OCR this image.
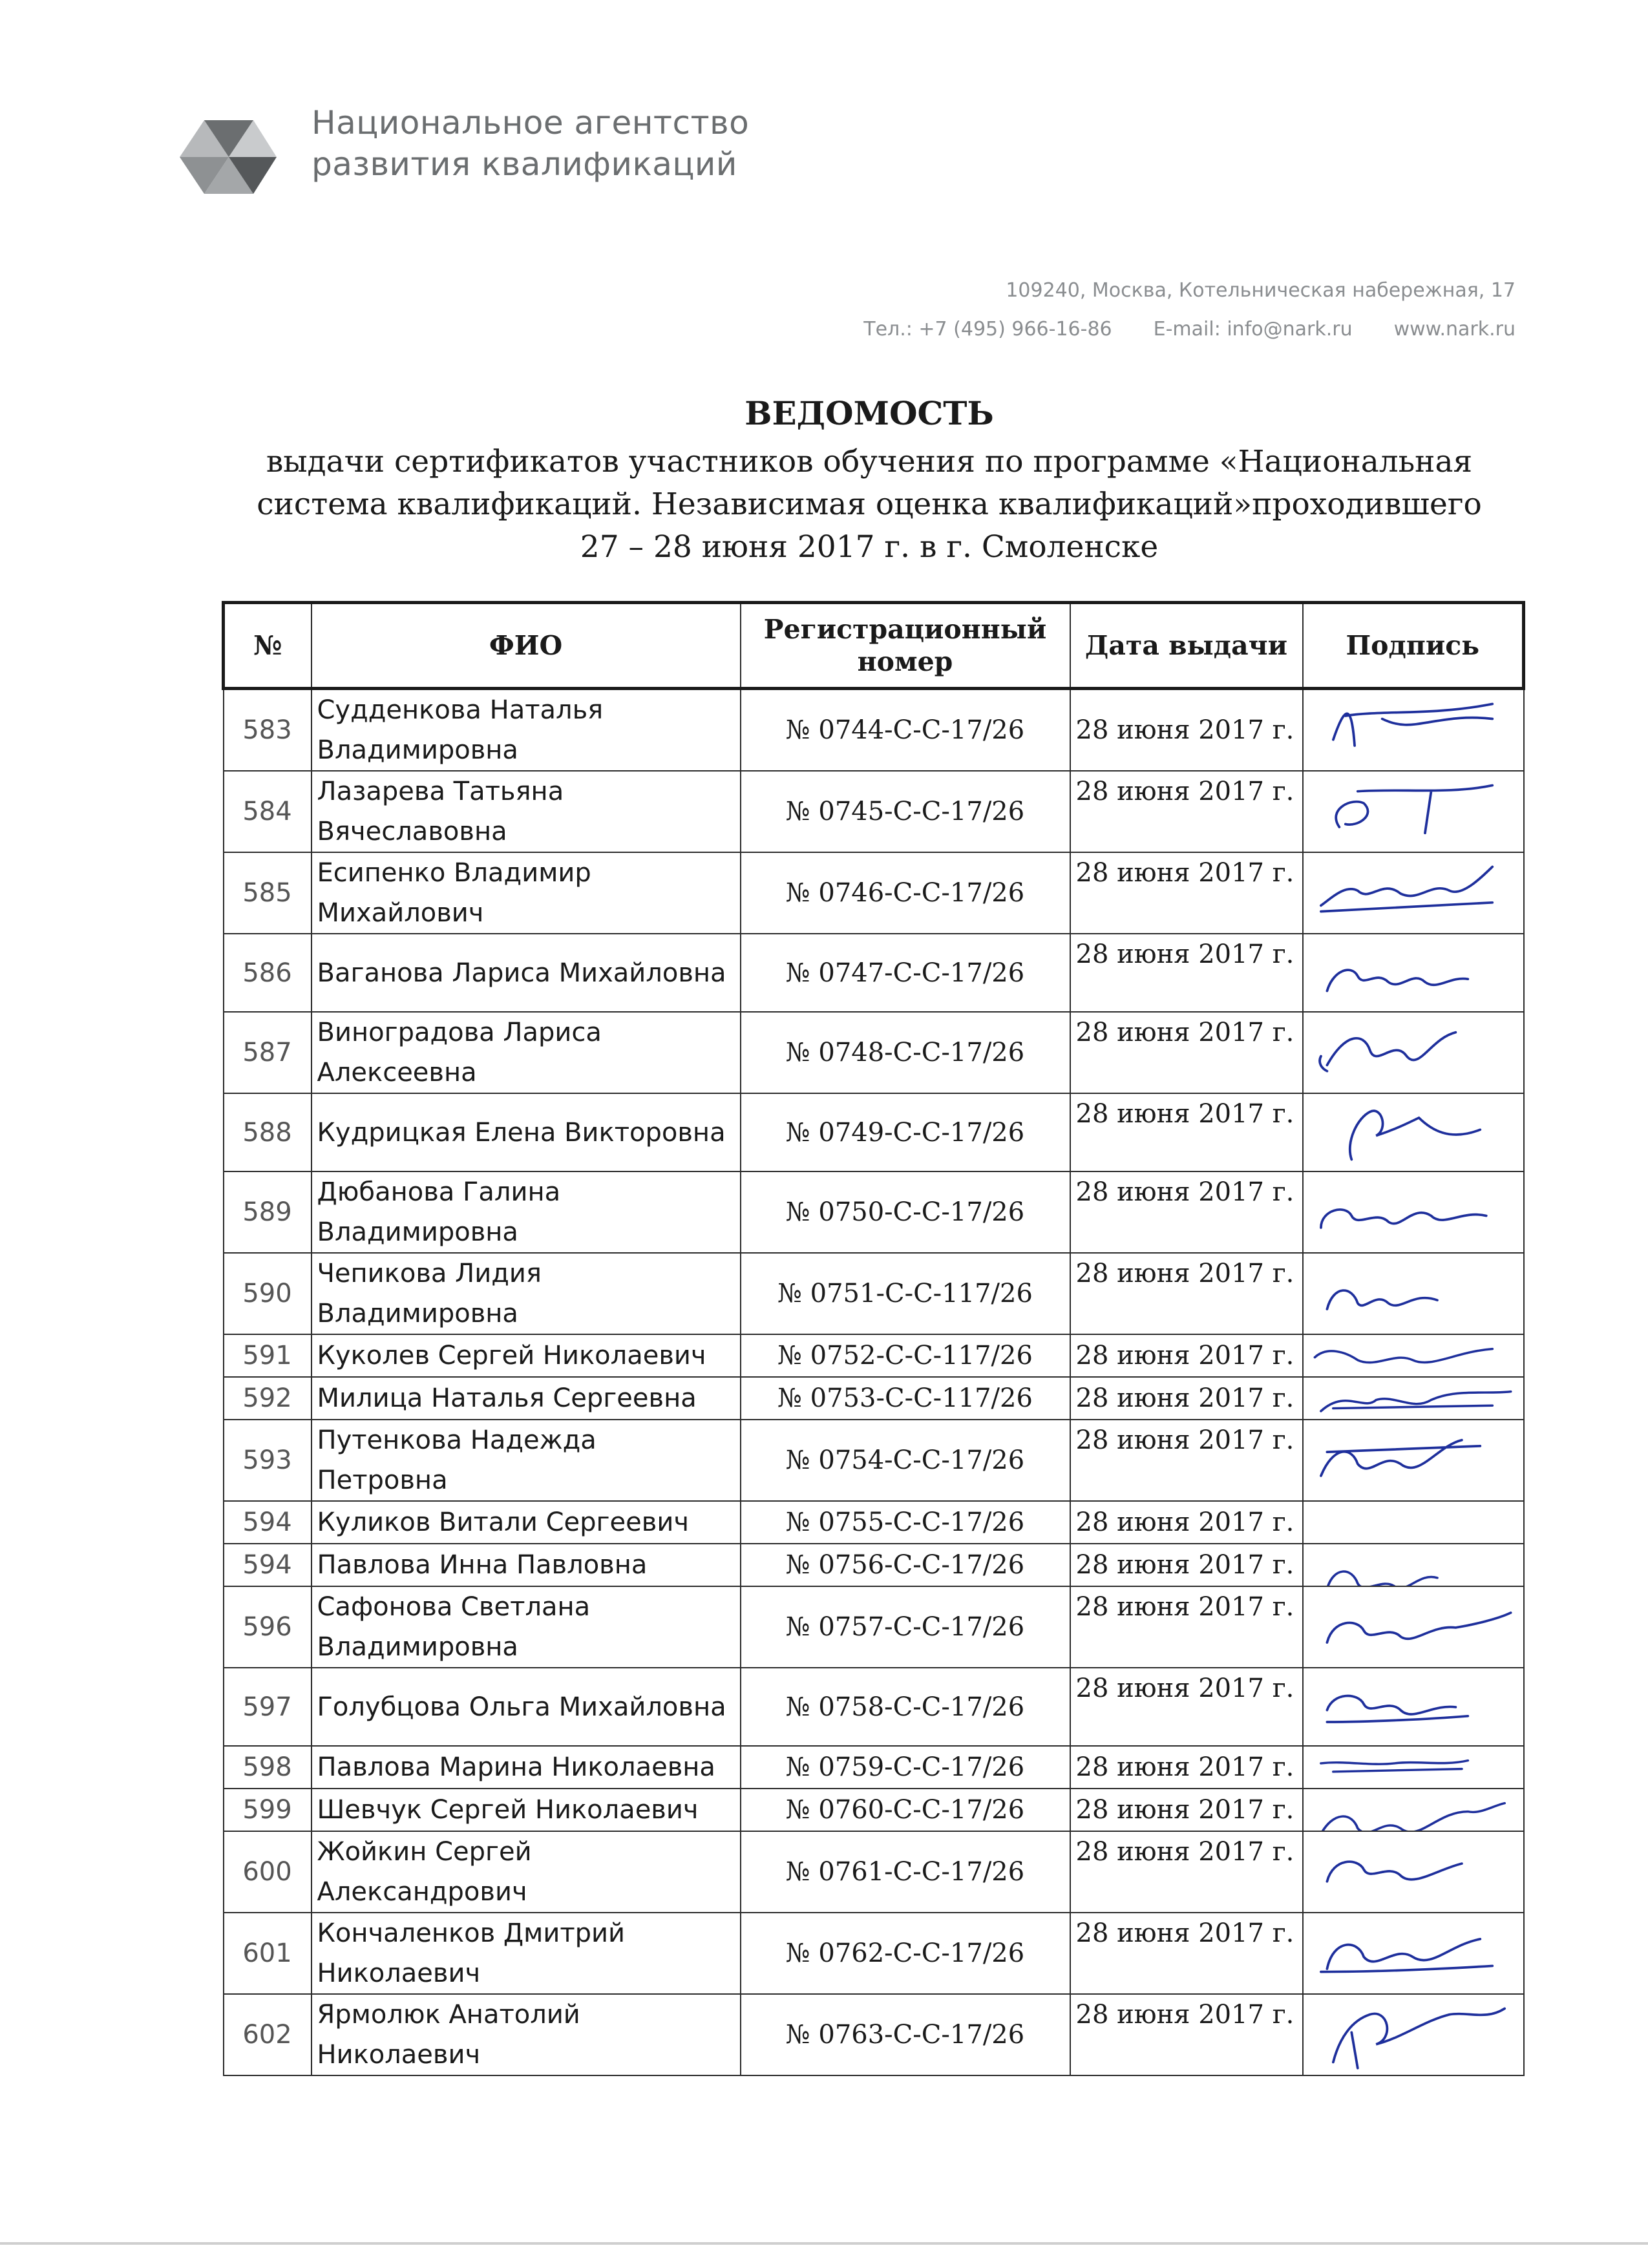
Национальное агентство
развития квалификаций
109240, Москва, Котельническая набережная, 17
Тел.: +7 (495) 966-16-86 E-mail: info@nark.ru www.nark.ru
ВЕДОМОСТЬ
выдачи сертификатов участников обучения по программе «Национальная
система квалификаций. Независимая оценка квалификаций»проходившего
27 – 28 июня 2017 г. в г. Смоленске
№	ФИО	Регистрационный номер	Дата выдачи	Подпись
583	Судденкова Наталья Владимировна	№ 0744-С-С-17/26	28 июня 2017 г.	

584	Лазарева Татьяна Вячеславовна	№ 0745-С-С-17/26	28 июня 2017 г.	

585	Есипенко Владимир Михайлович	№ 0746-С-С-17/26	28 июня 2017 г.	

586	Ваганова Лариса Михайловна	№ 0747-С-С-17/26	28 июня 2017 г.	

587	Виноградова Лариса Алексеевна	№ 0748-С-С-17/26	28 июня 2017 г.	

588	Кудрицкая Елена Викторовна	№ 0749-С-С-17/26	28 июня 2017 г.	

589	Дюбанова Галина Владимировна	№ 0750-С-С-17/26	28 июня 2017 г.	

590	Чепикова Лидия Владимировна	№ 0751-С-С-117/26	28 июня 2017 г.	

591	Куколев Сергей Николаевич	№ 0752-С-С-117/26	28 июня 2017 г.	

592	Милица Наталья Сергеевна	№ 0753-С-С-117/26	28 июня 2017 г.	

593	Путенкова Надежда Петровна	№ 0754-С-С-17/26	28 июня 2017 г.	

594	Куликов Витали Сергеевич	№ 0755-С-С-17/26	28 июня 2017 г.	
594	Павлова Инна Павловна	№ 0756-С-С-17/26	28 июня 2017 г.	

596	Сафонова Светлана Владимировна	№ 0757-С-С-17/26	28 июня 2017 г.	

597	Голубцова Ольга Михайловна	№ 0758-С-С-17/26	28 июня 2017 г.	

598	Павлова Марина Николаевна	№ 0759-С-С-17/26	28 июня 2017 г.	

599	Шевчук Сергей Николаевич	№ 0760-С-С-17/26	28 июня 2017 г.	

600	Жойкин Сергей Александрович	№ 0761-С-С-17/26	28 июня 2017 г.	

601	Кончаленков Дмитрий Николаевич	№ 0762-С-С-17/26	28 июня 2017 г.	

602	Ярмолюк Анатолий Николаевич	№ 0763-С-С-17/26	28 июня 2017 г.	
